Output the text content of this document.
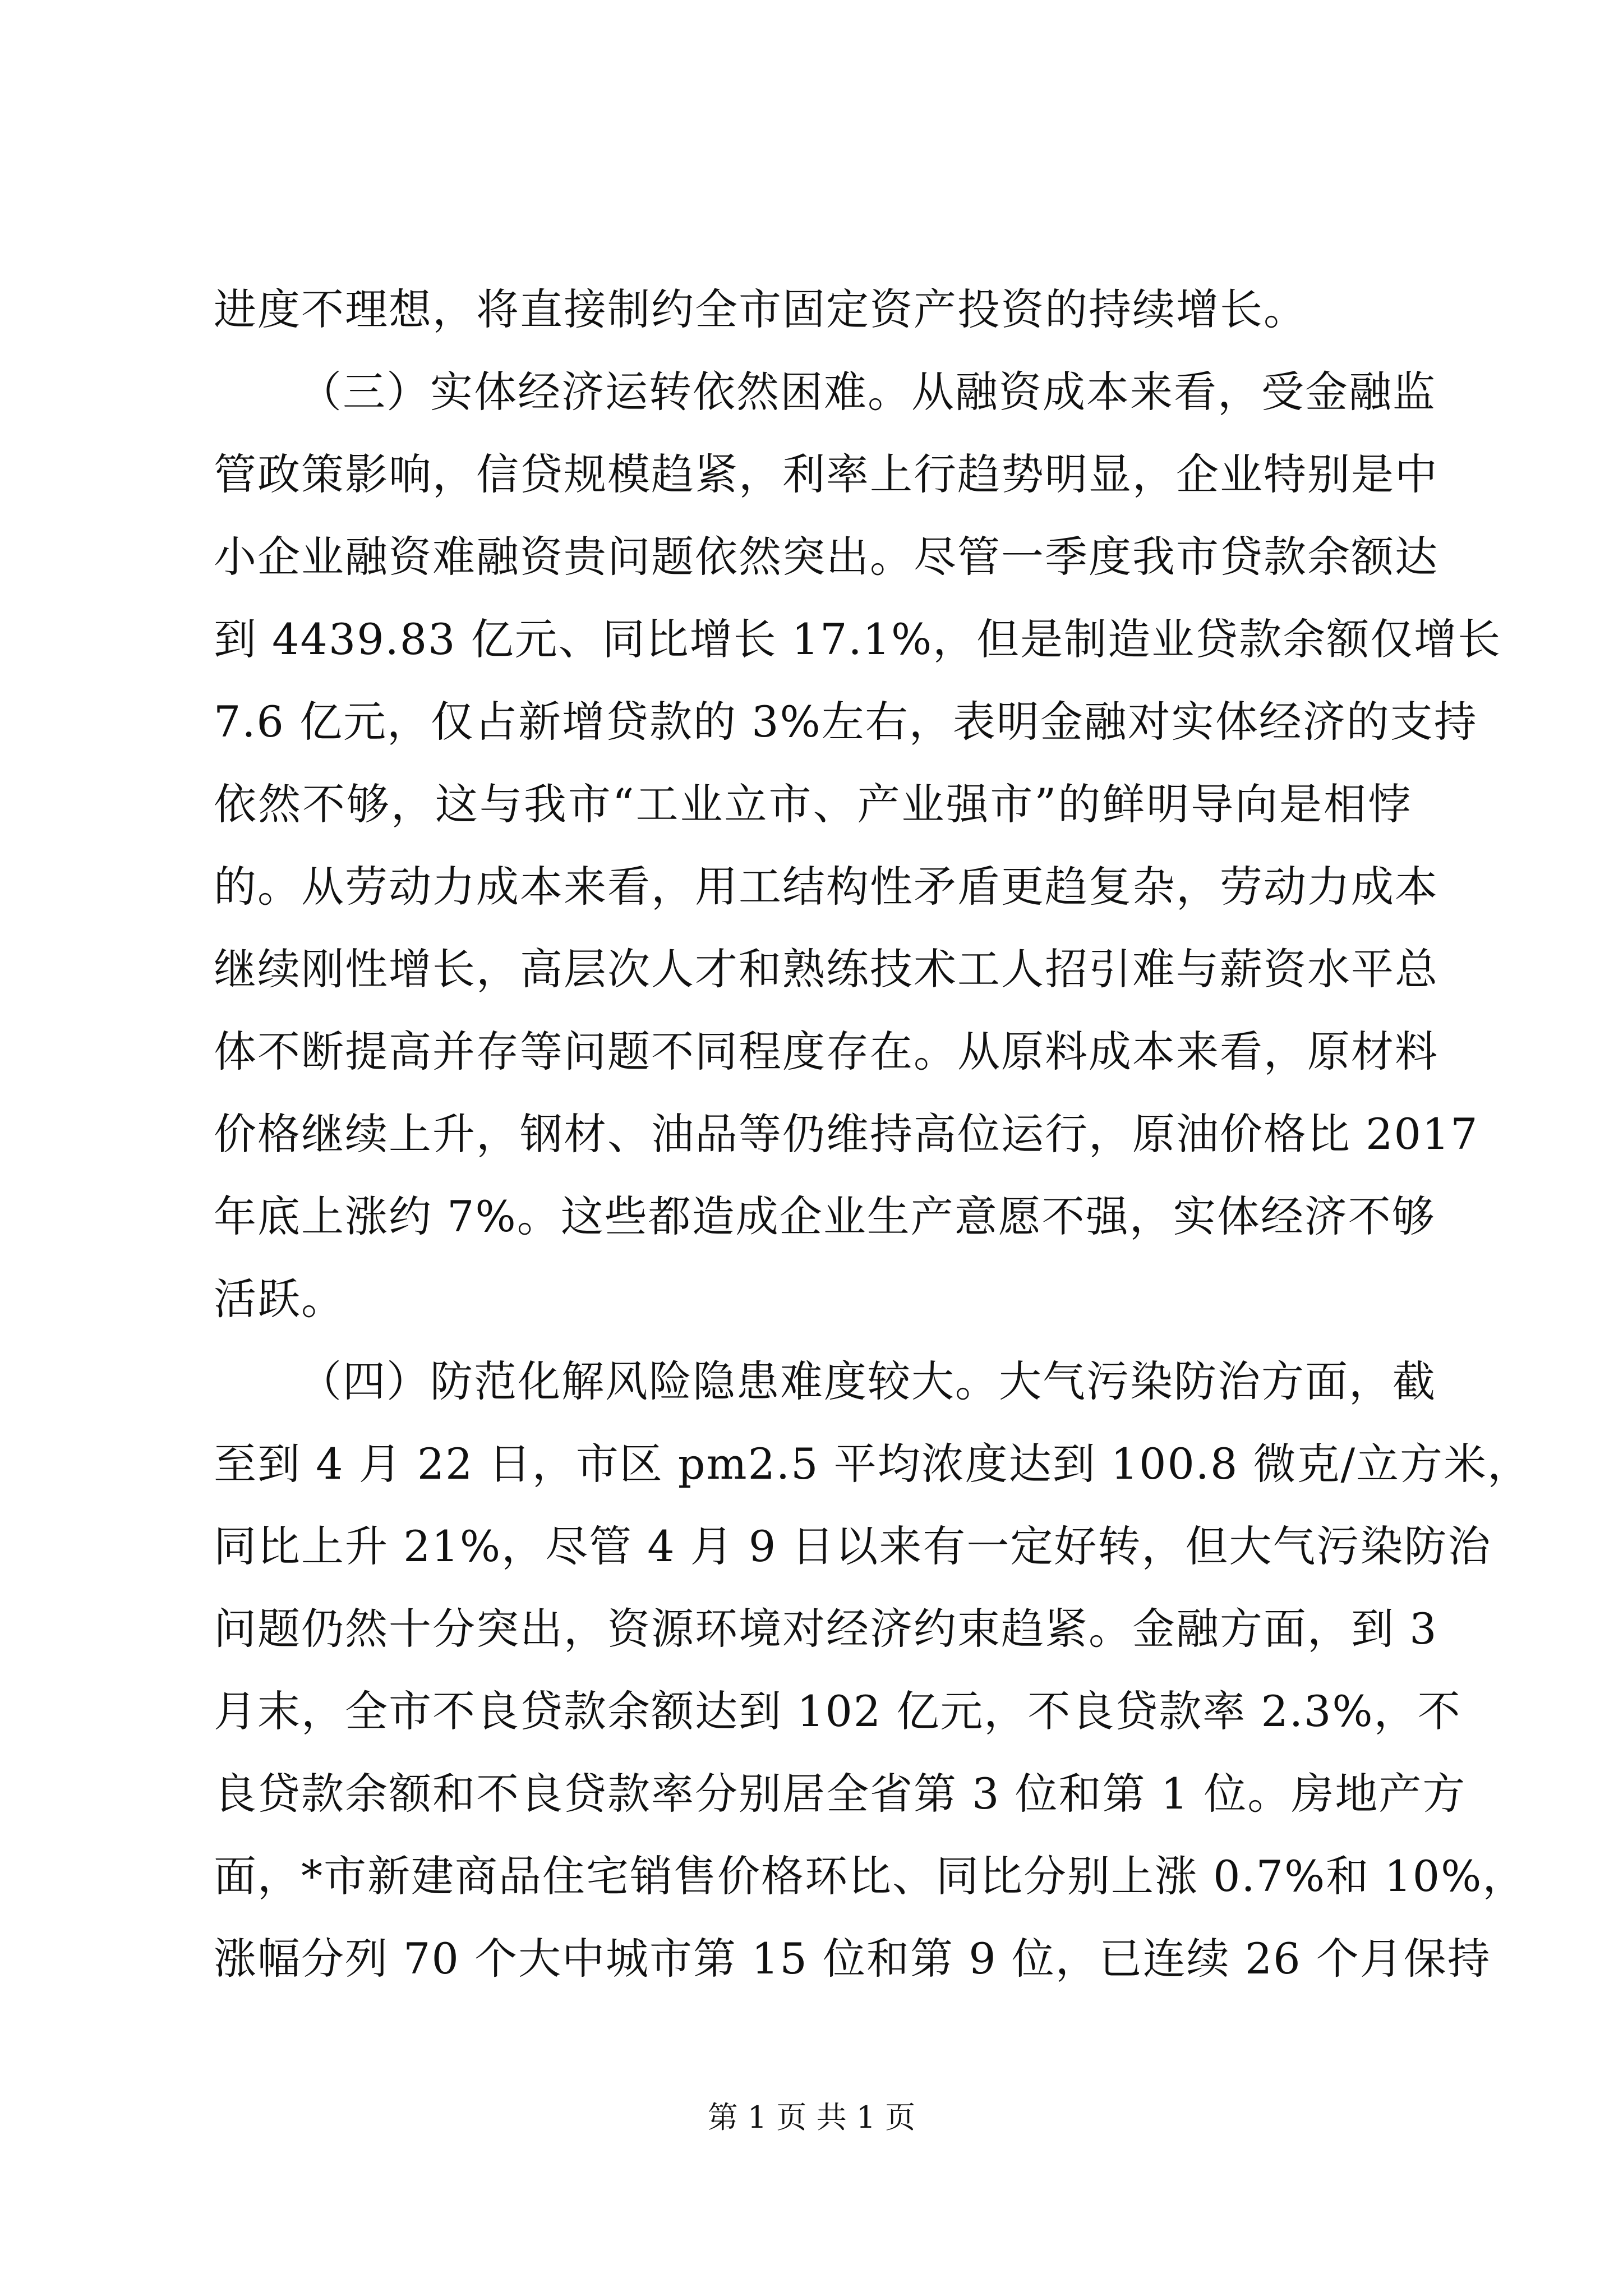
进度不理想，将直接制约全市固定资产投资的持续增长。
（三）实体经济运转依然困难。从融资成本来看，受金融监
管政策影响，信贷规模趋紧，利率上行趋势明显，企业特别是中
小企业融资难融资贵问题依然突出。尽管一季度我市贷款余额达
到 4439.83 亿元、同比增长 17.1%，但是制造业贷款余额仅增长
7.6 亿元，仅占新增贷款的 3%左右，表明金融对实体经济的支持
依然不够，这与我市“工业立市、产业强市”的鲜明导向是相悖
的。从劳动力成本来看，用工结构性矛盾更趋复杂，劳动力成本
继续刚性增长，高层次人才和熟练技术工人招引难与薪资水平总
体不断提高并存等问题不同程度存在。从原料成本来看，原材料
价格继续上升，钢材、油品等仍维持高位运行，原油价格比 2017
年底上涨约 7%。这些都造成企业生产意愿不强，实体经济不够
活跃。
（四）防范化解风险隐患难度较大。大气污染防治方面，截
至到 4 月 22 日，市区 pm2.5 平均浓度达到 100.8 微克/立方米，
同比上升 21%，尽管 4 月 9 日以来有一定好转，但大气污染防治
问题仍然十分突出，资源环境对经济约束趋紧。金融方面，到 3
月末，全市不良贷款余额达到 102 亿元，不良贷款率 2.3%，不
良贷款余额和不良贷款率分别居全省第 3 位和第 1 位。房地产方
面，*市新建商品住宅销售价格环比、同比分别上涨 0.7%和 10%，
涨幅分列 70 个大中城市第 15 位和第 9 位，已连续 26 个月保持
第 1 页 共 1 页
